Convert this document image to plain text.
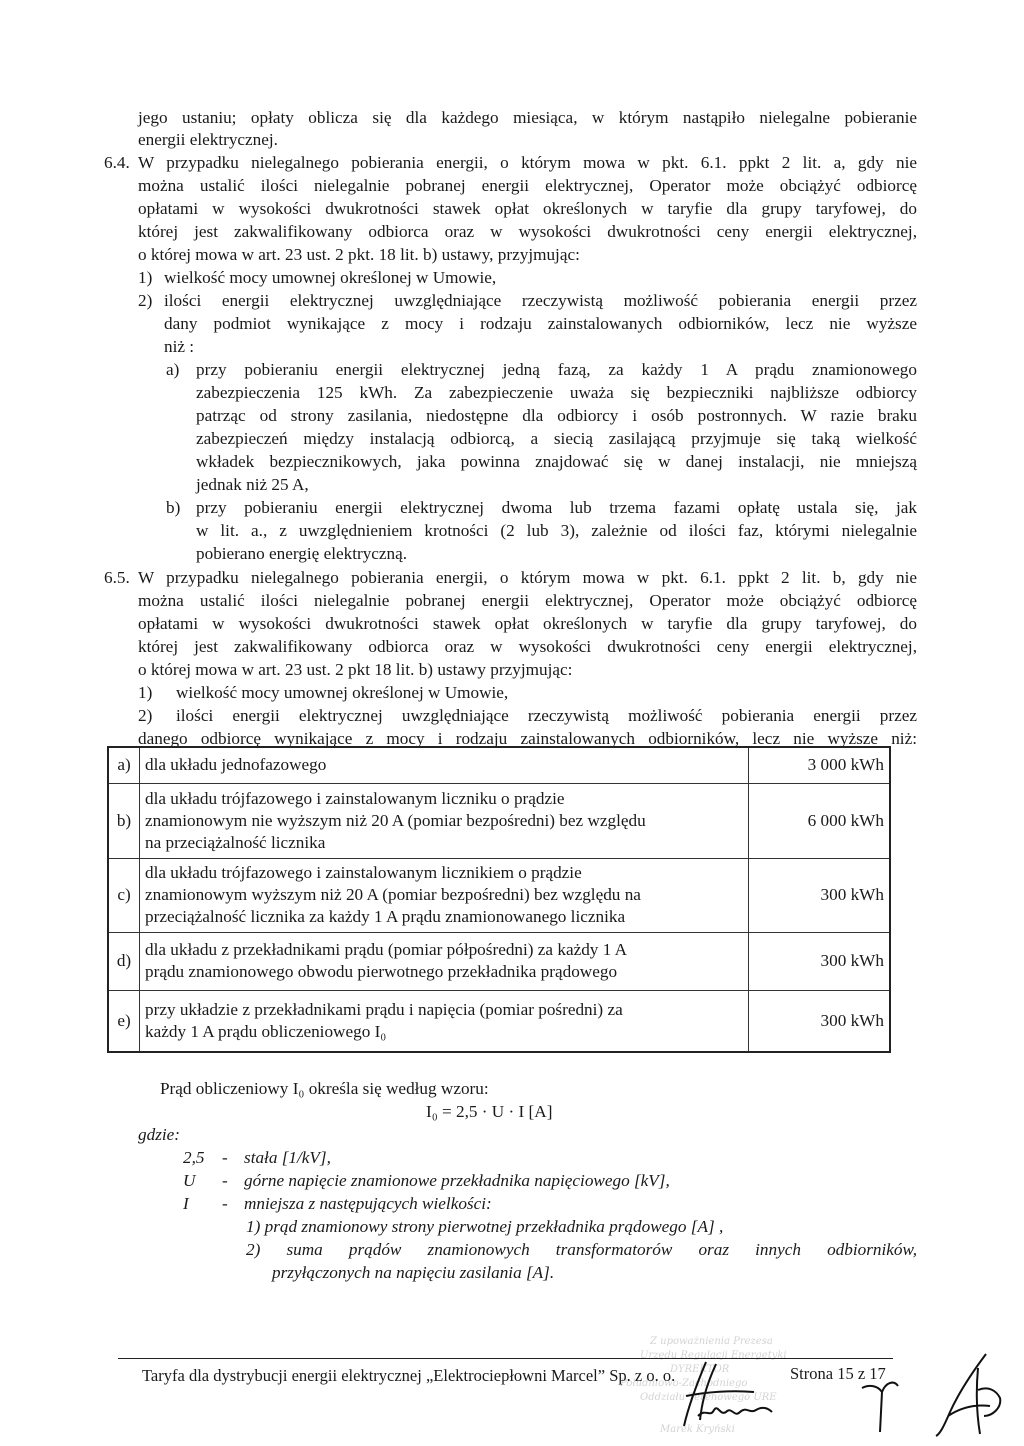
jego ustaniu; opłaty oblicza się dla każdego miesiąca, w którym nastąpiło nielegalne pobieranie
energii elektrycznej.
6.4. W przypadku nielegalnego pobierania energii, o którym mowa w pkt. 6.1. ppkt 2 lit. a, gdy nie
można ustalić ilości nielegalnie pobranej energii elektrycznej, Operator może obciążyć odbiorcę
opłatami w wysokości dwukrotności stawek opłat określonych w taryfie dla grupy taryfowej, do
której jest zakwalifikowany odbiorca oraz w wysokości dwukrotności ceny energii elektrycznej,
o której mowa w art. 23 ust. 2 pkt. 18 lit. b) ustawy, przyjmując:
1) wielkość mocy umownej określonej w Umowie,
2) ilości energii elektrycznej uwzględniające rzeczywistą możliwość pobierania energii przez
dany podmiot wynikające z mocy i rodzaju zainstalowanych odbiorników, lecz nie wyższe
niż :
a) przy pobieraniu energii elektrycznej jedną fazą, za każdy 1 A prądu znamionowego
zabezpieczenia 125 kWh. Za zabezpieczenie uważa się bezpieczniki najbliższe odbiorcy
patrząc od strony zasilania, niedostępne dla odbiorcy i osób postronnych. W razie braku
zabezpieczeń między instalacją odbiorcą, a siecią zasilającą przyjmuje się taką wielkość
wkładek bezpiecznikowych, jaka powinna znajdować się w danej instalacji, nie mniejszą
jednak niż 25 A,
b) przy pobieraniu energii elektrycznej dwoma lub trzema fazami opłatę ustala się, jak
w lit. a., z uwzględnieniem krotności (2 lub 3), zależnie od ilości faz, którymi nielegalnie
pobierano energię elektryczną.
6.5. W przypadku nielegalnego pobierania energii, o którym mowa w pkt. 6.1. ppkt 2 lit. b, gdy nie
można ustalić ilości nielegalnie pobranej energii elektrycznej, Operator może obciążyć odbiorcę
opłatami w wysokości dwukrotności stawek opłat określonych w taryfie dla grupy taryfowej, do
której jest zakwalifikowany odbiorca oraz w wysokości dwukrotności ceny energii elektrycznej,
o której mowa w art. 23 ust. 2 pkt 18 lit. b) ustawy przyjmując:
1) wielkość mocy umownej określonej w Umowie,
2) ilości energii elektrycznej uwzględniające rzeczywistą możliwość pobierania energii przez
danego odbiorcę wynikające z mocy i rodzaju zainstalowanych odbiorników, lecz nie wyższe niż:
a)	dla układu jednofazowego	3 000 kWh
b)	dla układu trójfazowego i zainstalowanym liczniku o prądzie
znamionowym nie wyższym niż 20 A (pomiar bezpośredni) bez względu
na przeciążalność licznika	6 000 kWh
c)	dla układu trójfazowego i zainstalowanym licznikiem o prądzie
znamionowym wyższym niż 20 A (pomiar bezpośredni) bez względu na
przeciążalność licznika za każdy 1 A prądu znamionowanego licznika	300 kWh
d)	dla układu z przekładnikami prądu (pomiar półpośredni) za każdy 1 A
prądu znamionowego obwodu pierwotnego przekładnika prądowego	300 kWh
e)	przy układzie z przekładnikami prądu i napięcia (pomiar pośredni) za
każdy 1 A prądu obliczeniowego I₀	300 kWh
Prąd obliczeniowy I₀ określa się według wzoru:
I₀ = 2,5 · U · I [A]
gdzie:
2,5 - stała [1/kV],
U - górne napięcie znamionowe przekładnika napięciowego [kV],
I - mniejsza z następujących wielkości:
1) prąd znamionowy strony pierwotnej przekładnika prądowego [A] ,
2) suma prądów znamionowych transformatorów oraz innych odbiorników,
przyłączonych na napięciu zasilania [A].
Z upoważnienia Prezesa
Urzędu Regulacji Energetyki
DYREKTOR
Południowo-Zachodniego
Oddziału Terenowego URE
Marek Kryński
Taryfa dla dystrybucji energii elektrycznej „Elektrociepłowni Marcel” Sp. z o. o.	Strona 15 z 17
